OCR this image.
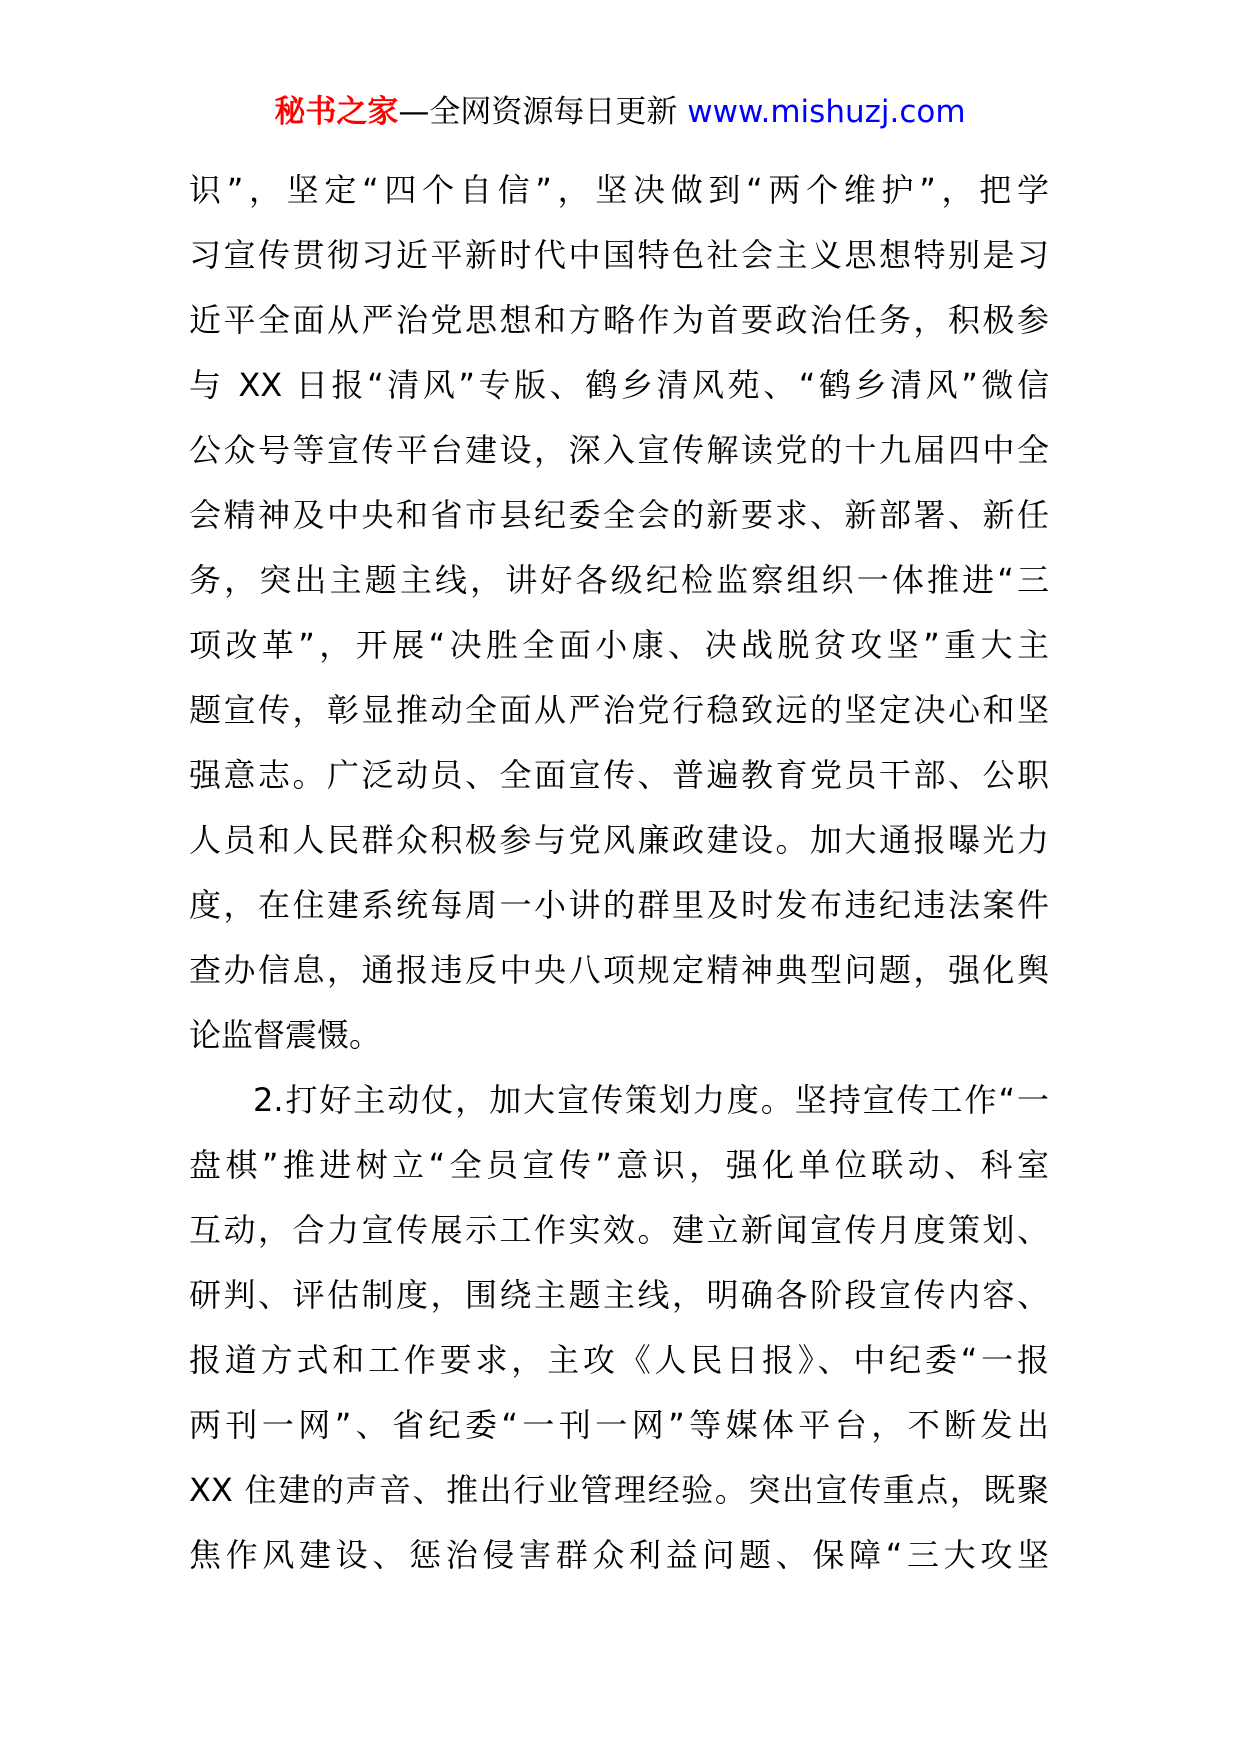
秘书之家—全网资源每日更新 www.mishuzj.com
识”，坚定“四个自信”，坚决做到“两个维护”，把学
习宣传贯彻习近平新时代中国特色社会主义思想特别是习
近平全面从严治党思想和方略作为首要政治任务，积极参
与 XX 日报“清风”专版、鹤乡清风苑、“鹤乡清风”微信
公众号等宣传平台建设，深入宣传解读党的十九届四中全
会精神及中央和省市县纪委全会的新要求、新部署、新任
务，突出主题主线，讲好各级纪检监察组织一体推进“三
项改革”，开展“决胜全面小康、决战脱贫攻坚”重大主
题宣传，彰显推动全面从严治党行稳致远的坚定决心和坚
强意志。广泛动员、全面宣传、普遍教育党员干部、公职
人员和人民群众积极参与党风廉政建设。加大通报曝光力
度，在住建系统每周一小讲的群里及时发布违纪违法案件
查办信息，通报违反中央八项规定精神典型问题，强化舆
论监督震慑。
2.打好主动仗，加大宣传策划力度。坚持宣传工作“一
盘棋”推进树立“全员宣传”意识，强化单位联动、科室
互动，合力宣传展示工作实效。建立新闻宣传月度策划、
研判、评估制度，围绕主题主线，明确各阶段宣传内容、
报道方式和工作要求，主攻《人民日报》、中纪委“一报
两刊一网”、省纪委“一刊一网”等媒体平台，不断发出
XX 住建的声音、推出行业管理经验。突出宣传重点，既聚
焦作风建设、惩治侵害群众利益问题、保障“三大攻坚
